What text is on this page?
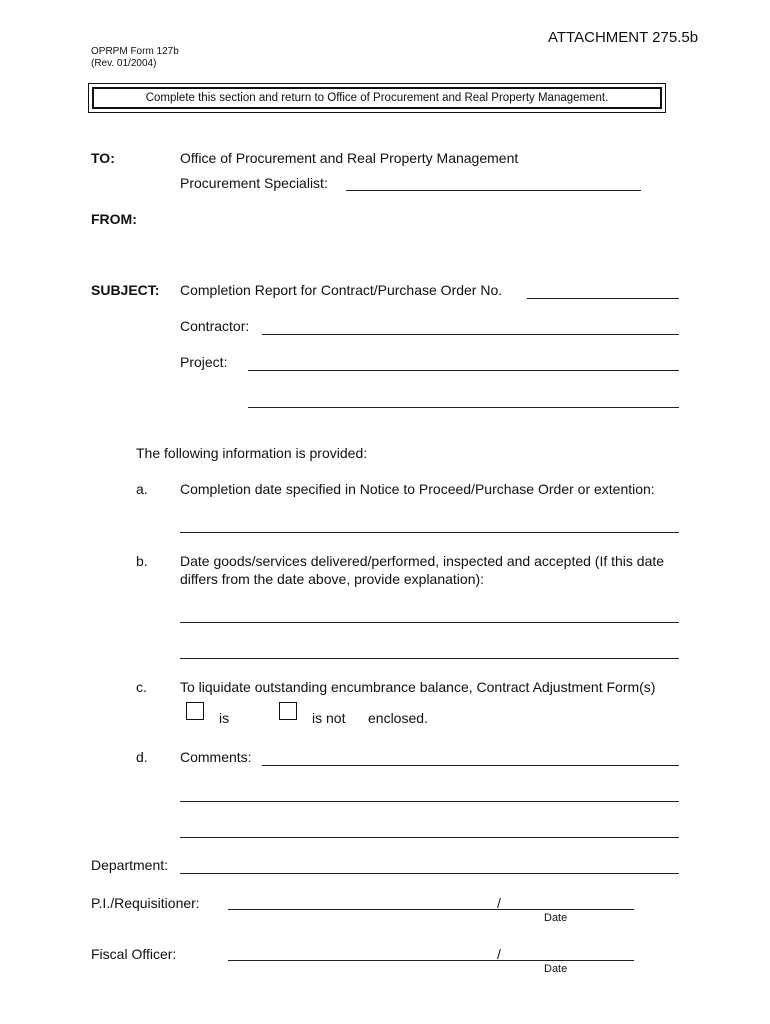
ATTACHMENT 275.5b
OPRPM Form 127b
(Rev. 01/2004)
Complete this section and return to Office of Procurement and Real Property Management.
TO:	Office of Procurement and Real Property Management
Procurement Specialist:
FROM:
SUBJECT: Completion Report for Contract/Purchase Order No.
Contractor:
Project:
The following information is provided:
a. Completion date specified in Notice to Proceed/Purchase Order or extention:
b. Date goods/services delivered/performed, inspected and accepted (If this date
differs from the date above, provide explanation):
c. To liquidate outstanding encumbrance balance, Contract Adjustment Form(s)
is	is not enclosed.
d. Comments:
Department:
P.I./Requisitioner:	/
Date
Fiscal Officer:	/
Date
